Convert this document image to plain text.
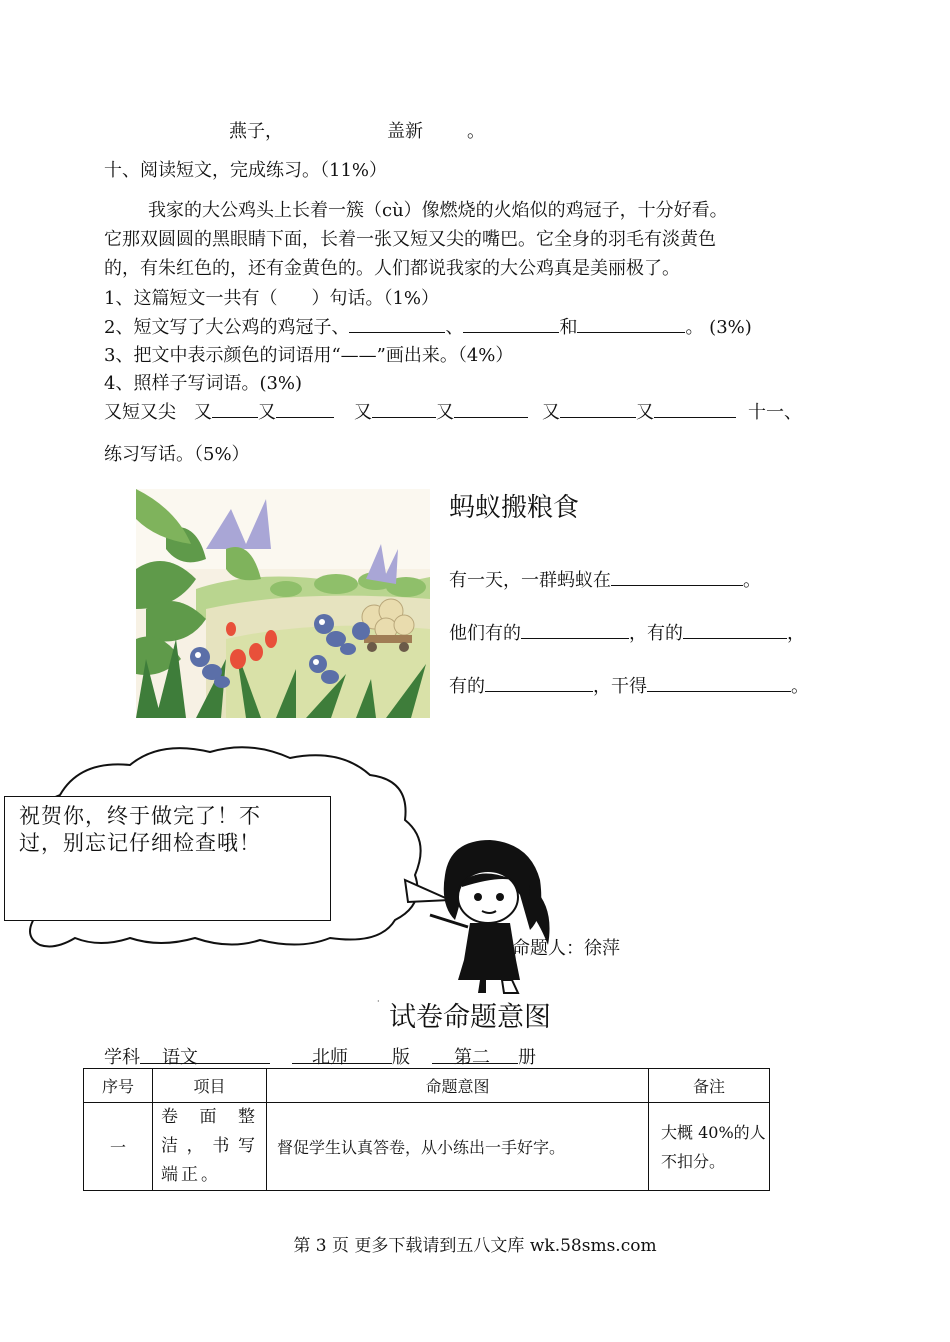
燕子，	盖新 。
十、阅读短文，完成练习。（11%）

我家的大公鸡头上长着一簇（cù）像燃烧的火焰似的鸡冠子，十分好看。

它那双圆圆的黑眼睛下面，长着一张又短又尖的嘴巴。它全身的羽毛有淡黄色

的，有朱红色的，还有金黄色的。人们都说我家的大公鸡真是美丽极了。

1、这篇短文一共有（ ）句话。（1%）
2、短文写了大公鸡的鸡冠子、	、	和	。 (3%)
3、把文中表示颜色的词语用“——”画出来。（4%）
4、照样子写词语。(3%)
又短又尖 又	又	又	又	又	又	十一、
练习写话。（5%）
蚂蚁搬粮食
有一天，一群蚂蚁在	。
他们有的	，有的	，
有的	，干得	。
祝贺你，终于做完了！不
过，别忘记仔细检查哦！
命题人：徐萍
·
试卷命题意图
学科 语文	北师 版 第二 册
序号	项目	命题意图	备注
一	卷面整洁，书写端正。	督促学生认真答卷，从小练出一手好字。	大概 40%的人不扣分。
第 3 页 更多下载请到五八文库 wk.58sms.com
